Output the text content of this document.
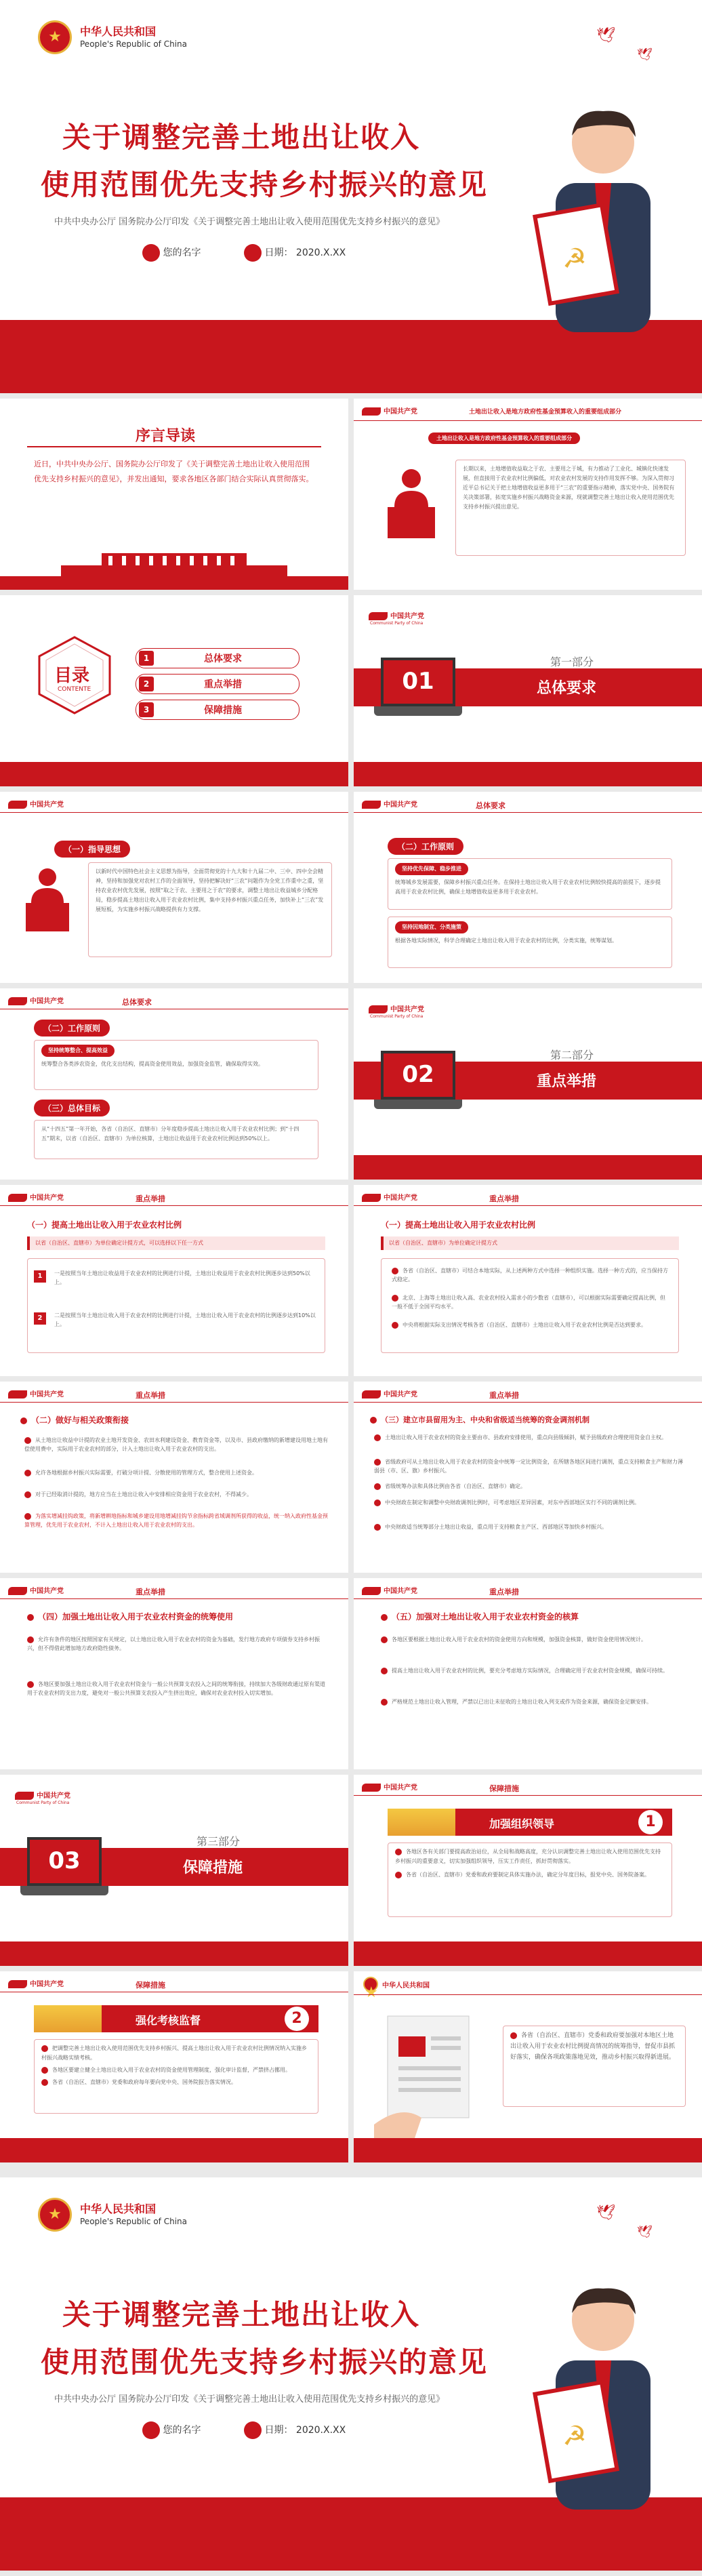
★
中华人民共和国
People's Republic of China	🕊
🕊
关于调整完善土地出让收入
使用范围优先支持乡村振兴的意见
中共中央办公厅 国务院办公厅印发《关于调整完善土地出让收入使用范围优先支持乡村振兴的意见》
您的名字	日期： 2020.X.XX	☭
序言导读
近日，中共中央办公厅、国务院办公厅印发了《关于调整完善土地出让收入使用范围优先支持乡村振兴的意见》，并发出通知，要求各地区各部门结合实际认真贯彻落实。
中国共产党	土地出让收入是地方政府性基金预算收入的重要组成部分
土地出让收入是地方政府性基金预算收入的重要组成部分
长期以来，土地增值收益取之于农、主要用之于城，有力推动了工业化、城镇化快速发展，但直接用于农业农村比例偏低，对农业农村发展的支持作用发挥不够。为深入贯彻习近平总书记关于把土地增值收益更多用于“三农”的重要指示精神，落实党中央、国务院有关决策部署，拓宽实施乡村振兴战略资金来源，现就调整完善土地出让收入使用范围优先支持乡村振兴提出意见。
目录
CONTENTE
1	总体要求
2	重点举措
3	保障措施
中国共产党
Communist Party of China
第一部分
总体要求
01
中国共产党
（一）指导思想
以新时代中国特色社会主义思想为指导，全面贯彻党的十九大和十九届二中、三中、四中全会精神，坚持和加强党对农村工作的全面领导，坚持把解决好“三农”问题作为全党工作重中之重，坚持农业农村优先发展，按照“取之于农、主要用之于农”的要求，调整土地出让收益城乡分配格局，稳步提高土地出让收入用于农业农村比例，集中支持乡村振兴重点任务，加快补上“三农”发展短板，为实施乡村振兴战略提供有力支撑。
中国共产党	总体要求
（二）工作原则
坚持优先保障、稳步推进
统筹城乡发展需要，保障乡村振兴重点任务。在保持土地出让收入用于农业农村比例较快提高的前提下，逐步提高用于农业农村比例，确保土地增值收益更多用于农业农村。
坚持因地制宜、分类施策
根据各地实际情况，科学合理确定土地出让收入用于农业农村的比例，分类实施，统筹谋划。
中国共产党	总体要求
（二）工作原则
坚持统筹整合、提高效益
统筹整合各类涉农资金，优化支出结构，提高资金使用效益，加强资金监管，确保取得实效。
（三）总体目标
从“十四五”第一年开始，各省（自治区、直辖市）分年度稳步提高土地出让收入用于农业农村比例；到“十四五”期末，以省（自治区、直辖市）为单位核算，土地出让收益用于农业农村比例达到50%以上。
中国共产党
Communist Party of China
第二部分
重点举措
02
中国共产党	重点举措
（一）提高土地出让收入用于农业农村比例
以省（自治区、直辖市）为单位确定计提方式，可以选择以下任一方式
1	一是按照当年土地出让收益用于农业农村的比例进行计提，土地出让收益用于农业农村比例逐步达到50%以上。
2	二是按照当年土地出让收入用于农业农村的比例进行计提，土地出让收入用于农业农村的比例逐步达到10%以上。
中国共产党	重点举措
（一）提高土地出让收入用于农业农村比例
以省（自治区、直辖市）为单位确定计提方式
各省（自治区、直辖市）可结合本地实际，从上述两种方式中选择一种组织实施。选择一种方式的，应当保持方式稳定。
北京、上海等土地出让收入高、农业农村投入需求小的少数省（直辖市），可以根据实际需要确定提高比例，但一般不低于全国平均水平。
中央将根据实际支出情况考核各省（自治区、直辖市）土地出让收入用于农业农村比例是否达到要求。
中国共产党	重点举措
（二）做好与相关政策衔接
从土地出让收益中计提的农业土地开发资金、农田水利建设资金、教育资金等，以及市、县政府缴纳的新增建设用地土地有偿使用费中，实际用于农业农村的部分，计入土地出让收入用于农业农村的支出。
允许各地根据乡村振兴实际需要，打破分项计提、分散使用的管理方式，整合使用上述资金。
对于已经取消计提的，地方应当在土地出让收入中安排相应资金用于农业农村，不得减少。
为落实增减挂钩政策，将新增耕地指标和城乡建设用地增减挂钩节余指标跨省域调剂所获得的收益，统一纳入政府性基金预算管理，优先用于农业农村，不计入土地出让收入用于农业农村的支出。
中国共产党	重点举措
（三）建立市县留用为主、中央和省级适当统筹的资金调剂机制
土地出让收入用于农业农村的资金主要由市、县政府安排使用，重点向县级倾斜，赋予县级政府合理使用资金自主权。
省级政府可从土地出让收入用于农业农村的资金中统筹一定比例资金，在所辖各地区间进行调剂，重点支持粮食主产和财力薄弱县（市、区、旗）乡村振兴。
省级统筹办法和具体比例由各省（自治区、直辖市）确定。
中央财政在制定和调整中央财政调剂比例时，可考虑地区差异因素，对东中西部地区实行不同的调剂比例。
中央财政适当统筹部分土地出让收益，重点用于支持粮食主产区、西部地区等加快乡村振兴。
中国共产党	重点举措
（四）加强土地出让收入用于农业农村资金的统筹使用
允许有条件的地区按照国家有关规定，以土地出让收入用于农业农村的资金为基础，发行地方政府专项债券支持乡村振兴，但不得借此增加地方政府隐性债务。
各地区要加强土地出让收入用于农业农村资金与一般公共预算支农投入之间的统筹衔接，持续加大各级财政通过原有渠道用于农业农村的支出力度，避免对一般公共预算支农投入产生挤出效应，确保对农业农村投入切实增加。
中国共产党	重点举措
（五）加强对土地出让收入用于农业农村资金的核算
各地区要根据土地出让收入用于农业农村的资金使用方向和规模，加强资金核算，做好资金使用情况统计。
提高土地出让收入用于农业农村的比例，要充分考虑地方实际情况，合理确定用于农业农村资金规模，确保可持续。
严格规范土地出让收入管理，严禁以已出让未征收的土地出让收入列支或作为资金来源，确保资金足额安排。
中国共产党
Communist Party of China
第三部分
保障措施
03
中国共产党	保障措施
加强组织领导	1
各地区各有关部门要提高政治站位，从全局和战略高度，充分认识调整完善土地出让收入使用范围优先支持乡村振兴的重要意义，切实加强组织领导，压实工作责任，抓好贯彻落实。
各省（自治区、直辖市）党委和政府要制定具体实施办法，确定分年度目标，报党中央、国务院备案。
中国共产党	保障措施
强化考核监督	2
把调整完善土地出让收入使用范围优先支持乡村振兴、提高土地出让收入用于农业农村比例情况纳入实施乡村振兴战略实绩考核。
各地区要建立健全土地出让收入用于农业农村的资金使用管理制度，强化审计监督，严禁挤占挪用。
各省（自治区、直辖市）党委和政府每年要向党中央、国务院报告落实情况。
★
中华人民共和国
各省（自治区、直辖市）党委和政府要加强对本地区土地出让收入用于农业农村比例提高情况的统筹指导，督促市县抓好落实，确保各项政策落地见效，推动乡村振兴取得新进展。
★
中华人民共和国
People's Republic of China	🕊
🕊
关于调整完善土地出让收入
使用范围优先支持乡村振兴的意见
中共中央办公厅 国务院办公厅印发《关于调整完善土地出让收入使用范围优先支持乡村振兴的意见》
您的名字	日期： 2020.X.XX	☭
